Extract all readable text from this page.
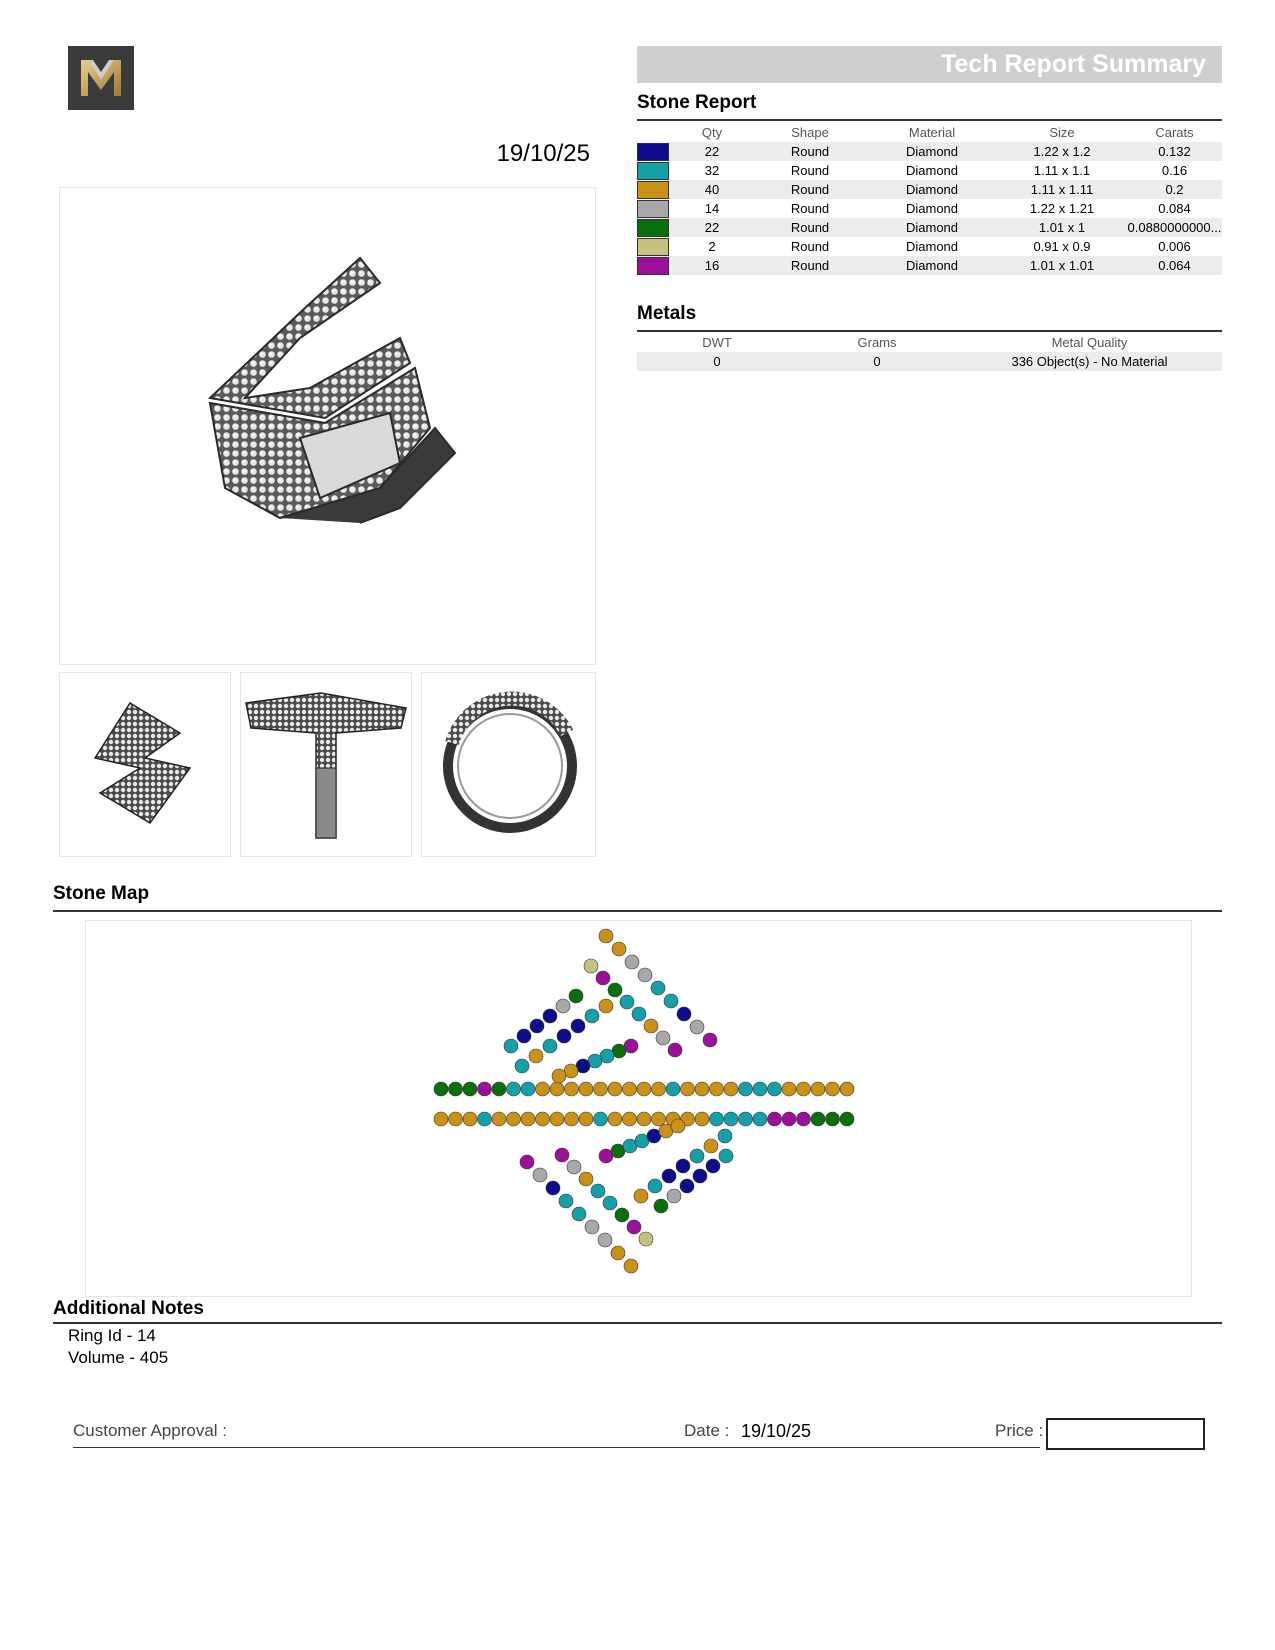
19/10/25
Tech Report Summary
Stone Report
	Qty	Shape	Material	Size	Carats
	22	Round	Diamond	1.22 x 1.2	0.132
	32	Round	Diamond	1.11 x 1.1	0.16
	40	Round	Diamond	1.11 x 1.11	0.2
	14	Round	Diamond	1.22 x 1.21	0.084
	22	Round	Diamond	1.01 x 1	0.0880000000...
	2	Round	Diamond	0.91 x 0.9	0.006
	16	Round	Diamond	1.01 x 1.01	0.064
Metals
DWT	Grams	Metal Quality
0	0	336 Object(s) - No Material
Stone Map
Additional Notes
Ring Id - 14
Volume - 405
Customer Approval :	Date : 19/10/25	Price :
